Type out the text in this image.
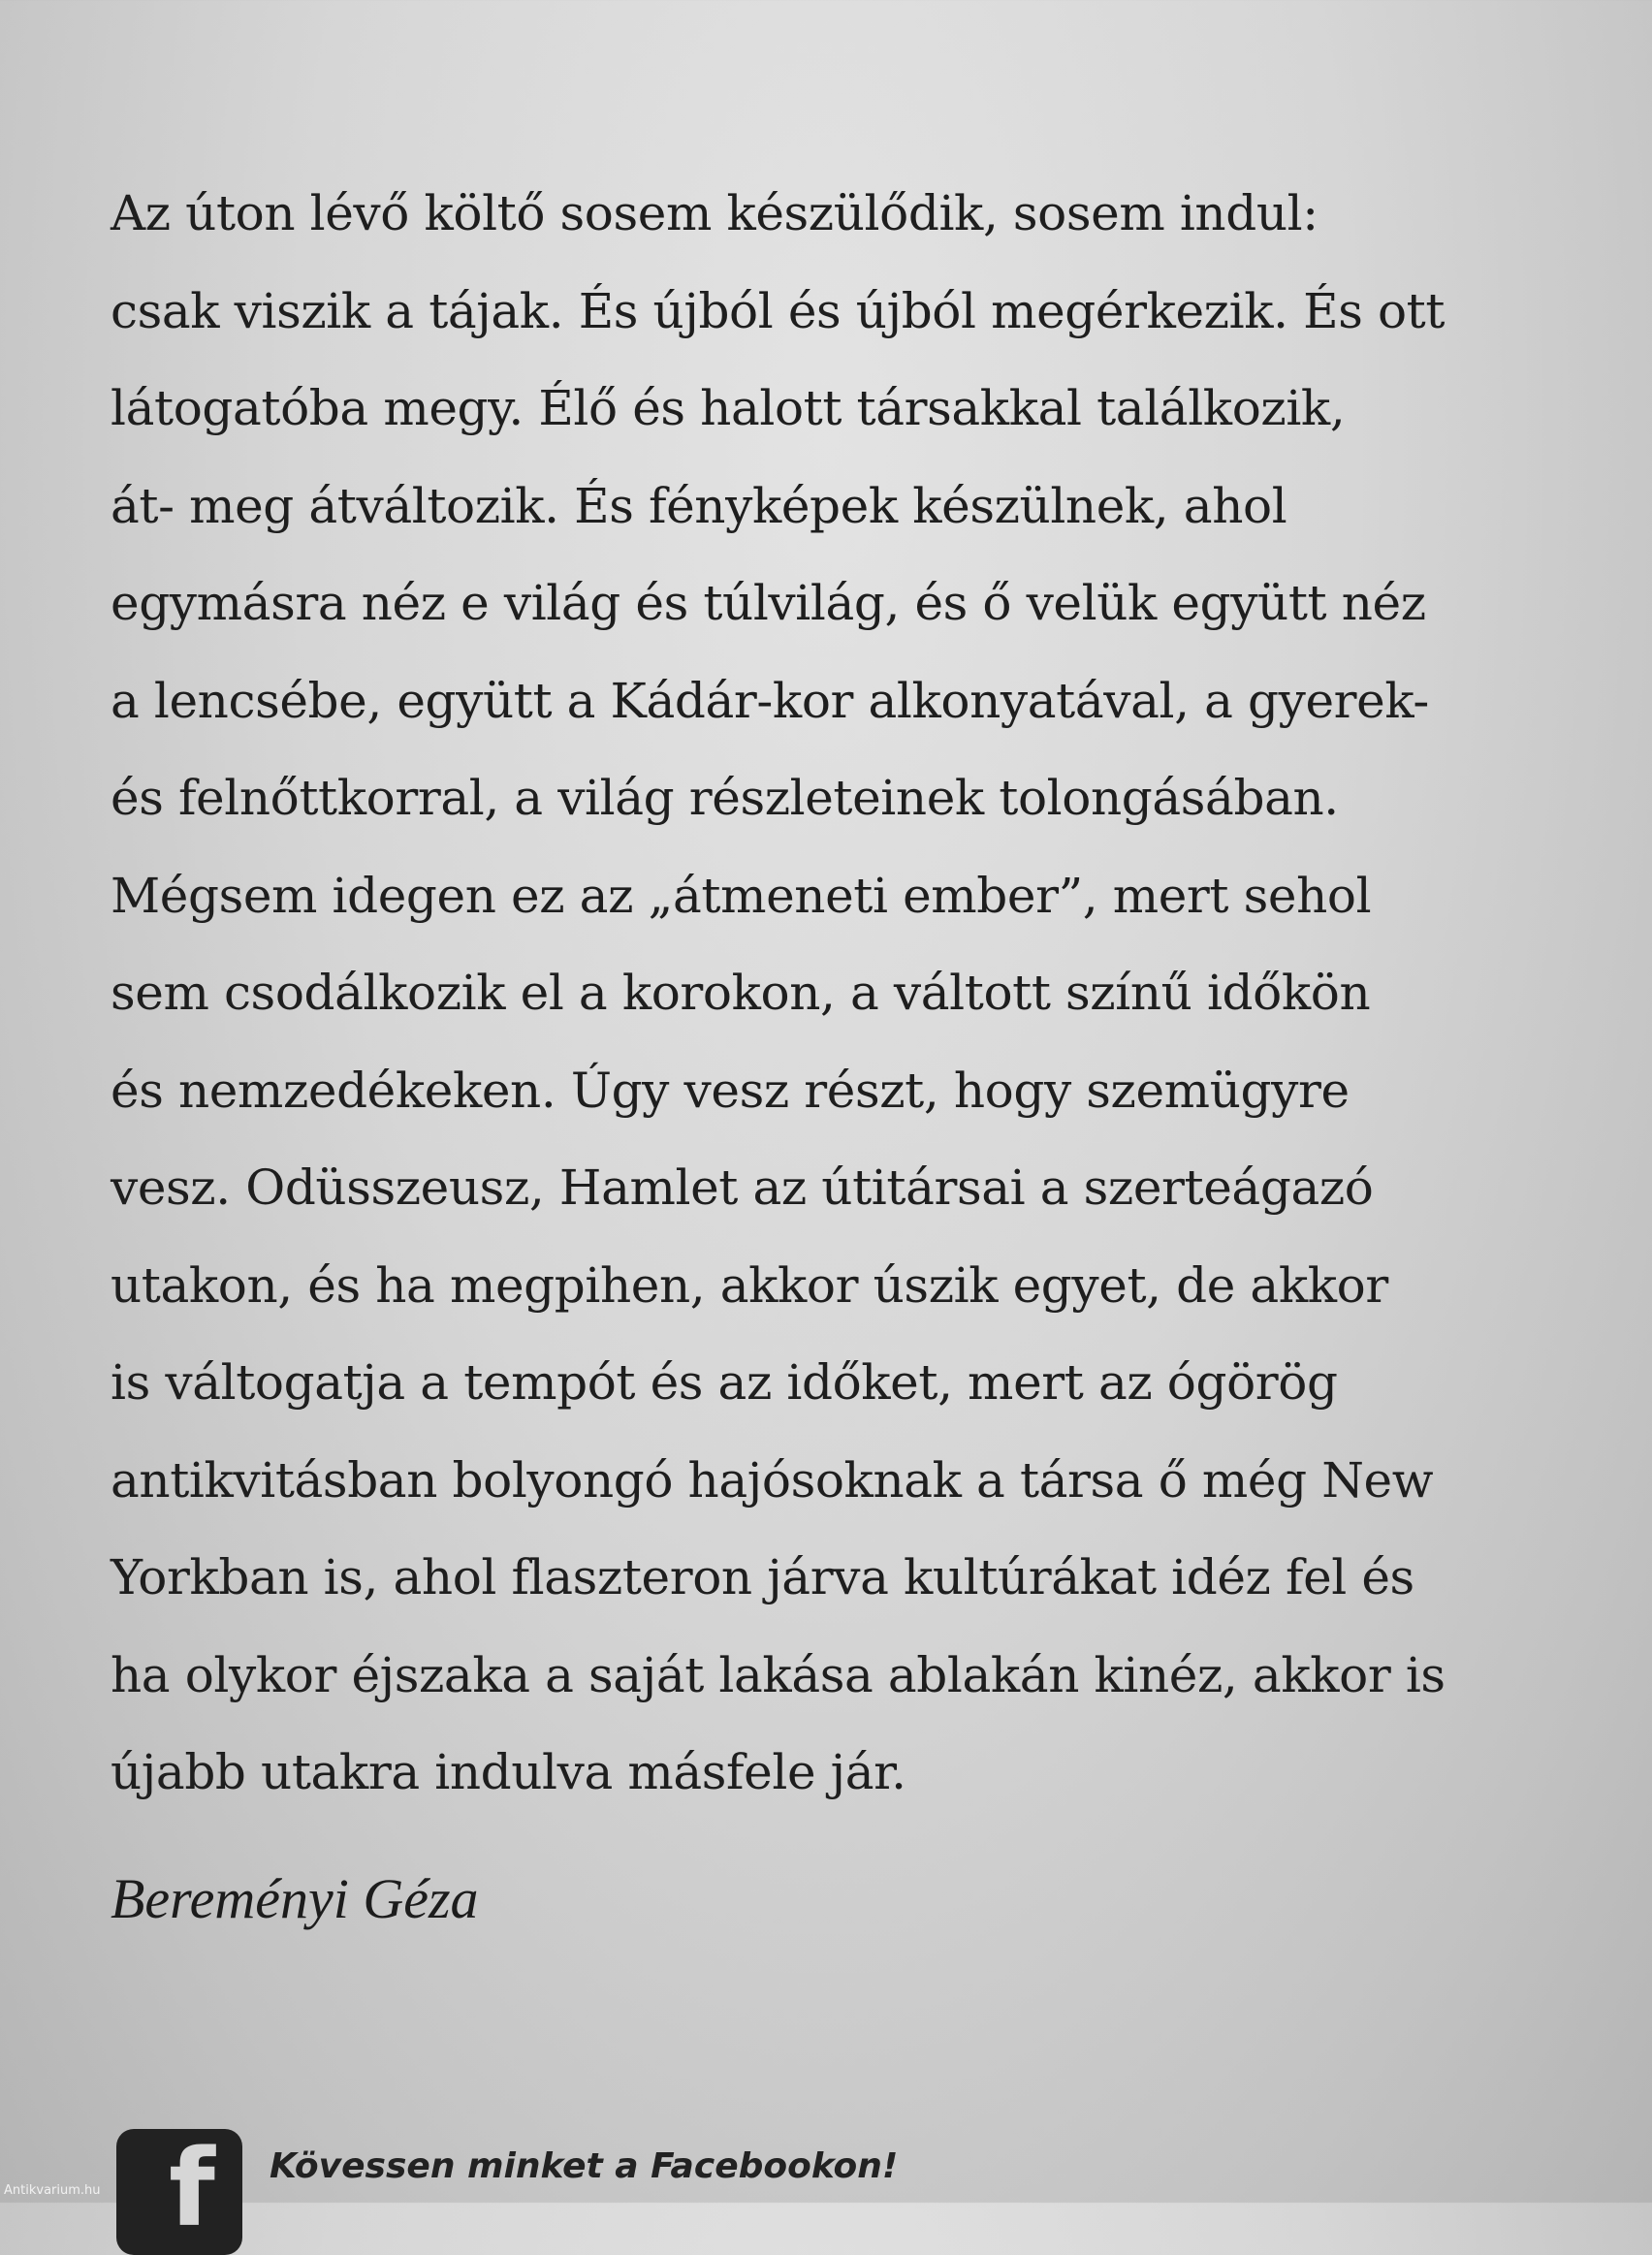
Az úton lévő költő sosem készülődik, sosem indul:
csak viszik a tájak. És újból és újból megérkezik. És ott
látogatóba megy. Élő és halott társakkal találkozik,
át- meg átváltozik. És fényképek készülnek, ahol
egymásra néz e világ és túlvilág, és ő velük együtt néz
a lencsébe, együtt a Kádár-kor alkonyatával, a gyerek-
és felnőttkorral, a világ részleteinek tolongásában.
Mégsem idegen ez az „átmeneti ember”, mert sehol
sem csodálkozik el a korokon, a váltott színű időkön
és nemzedékeken. Úgy vesz részt, hogy szemügyre
vesz. Odüsszeusz, Hamlet az útitársai a szerteágazó
utakon, és ha megpihen, akkor úszik egyet, de akkor
is váltogatja a tempót és az időket, mert az ógörög
antikvitásban bolyongó hajósoknak a társa ő még New
Yorkban is, ahol flaszteron járva kultúrákat idéz fel és
ha olykor éjszaka a saját lakása ablakán kinéz, akkor is
újabb utakra indulva másfele jár.
Bereményi Géza
f Kövessen minket a Facebookon!
Antikvarium.hu
